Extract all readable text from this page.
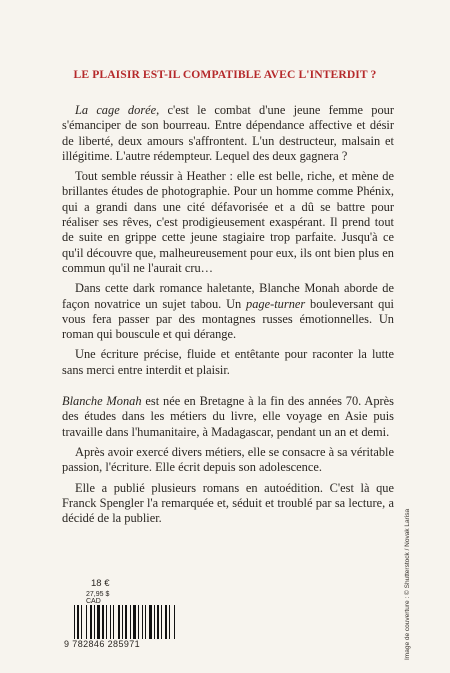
LE PLAISIR EST-IL COMPATIBLE AVEC L'INTERDIT ?

La cage dorée, c'est le combat d'une jeune femme pour s'émanciper de son bourreau. Entre dépendance affective et désir de liberté, deux amours s'affrontent. L'un destructeur, malsain et illégitime. L'autre rédempteur. Lequel des deux gagnera ?

Tout semble réussir à Heather : elle est belle, riche, et mène de brillantes études de photographie. Pour un homme comme Phénix, qui a grandi dans une cité défavorisée et a dû se battre pour réaliser ses rêves, c'est prodigieusement exaspérant. Il prend tout de suite en grippe cette jeune stagiaire trop parfaite. Jusqu'à ce qu'il découvre que, malheureusement pour eux, ils ont bien plus en commun qu'il ne l'aurait cru…

Dans cette dark romance haletante, Blanche Monah aborde de façon novatrice un sujet tabou. Un page-turner bouleversant qui vous fera passer par des montagnes russes émotionnelles. Un roman qui bouscule et qui dérange.

Une écriture précise, fluide et entêtante pour raconter la lutte sans merci entre interdit et plaisir.

Blanche Monah est née en Bretagne à la fin des années 70. Après des études dans les métiers du livre, elle voyage en Asie puis travaille dans l'humanitaire, à Madagascar, pendant un an et demi.

Après avoir exercé divers métiers, elle se consacre à sa véritable passion, l'écriture. Elle écrit depuis son adolescence.

Elle a publié plusieurs romans en autoédition. C'est là que Franck Spengler l'a remarquée et, séduit et troublé par sa lecture, a décidé de la publier.

18 €
27,95 $ CAD
9 782846 285971	Image de couverture : © Shutterstock / Novak Larisa
